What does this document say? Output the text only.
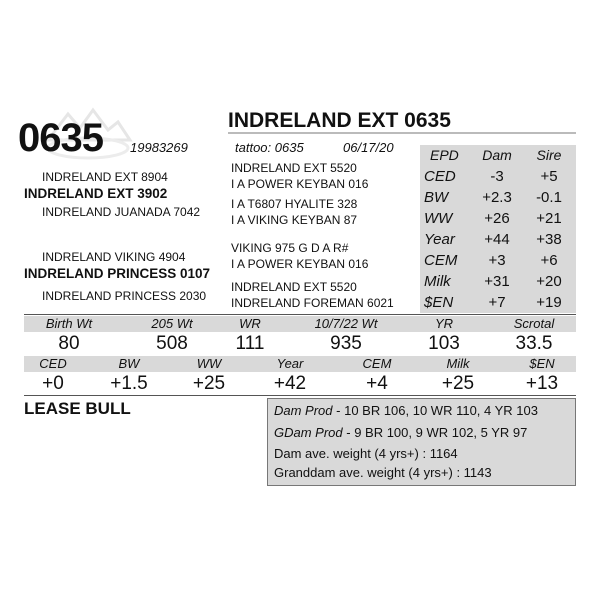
0635	INDRELAND EXT 0635
19983269	tattoo: 0635	06/17/20
INDRELAND EXT 8904
INDRELAND EXT 3902
INDRELAND JUANADA 7042
INDRELAND EXT 5520
I A POWER KEYBAN 016
I A T6807 HYALITE 328
I A VIKING KEYBAN 87
INDRELAND VIKING 4904
INDRELAND PRINCESS 0107
INDRELAND PRINCESS 2030
VIKING 975 G D A R#
I A POWER KEYBAN 016
INDRELAND EXT 5520
INDRELAND FOREMAN 6021
EPD	Dam	Sire
CED	-3	+5
BW	+2.3	-0.1
WW	+26	+21
Year	+44	+38
CEM	+3	+6
Milk	+31	+20
$EN	+7	+19
Birth Wt	205 Wt	WR	10/7/22 Wt	YR	Scrotal
80	508	111	935	103	33.5
CED	BW	WW	Year	CEM	Milk	$EN
+0	+1.5	+25	+42	+4	+25	+13
LEASE BULL	Dam Prod - 10 BR 106, 10 WR 110, 4 YR 103
GDam Prod - 9 BR 100, 9 WR 102, 5 YR 97
Dam ave. weight (4 yrs+) : 1164
Granddam ave. weight (4 yrs+) : 1143
